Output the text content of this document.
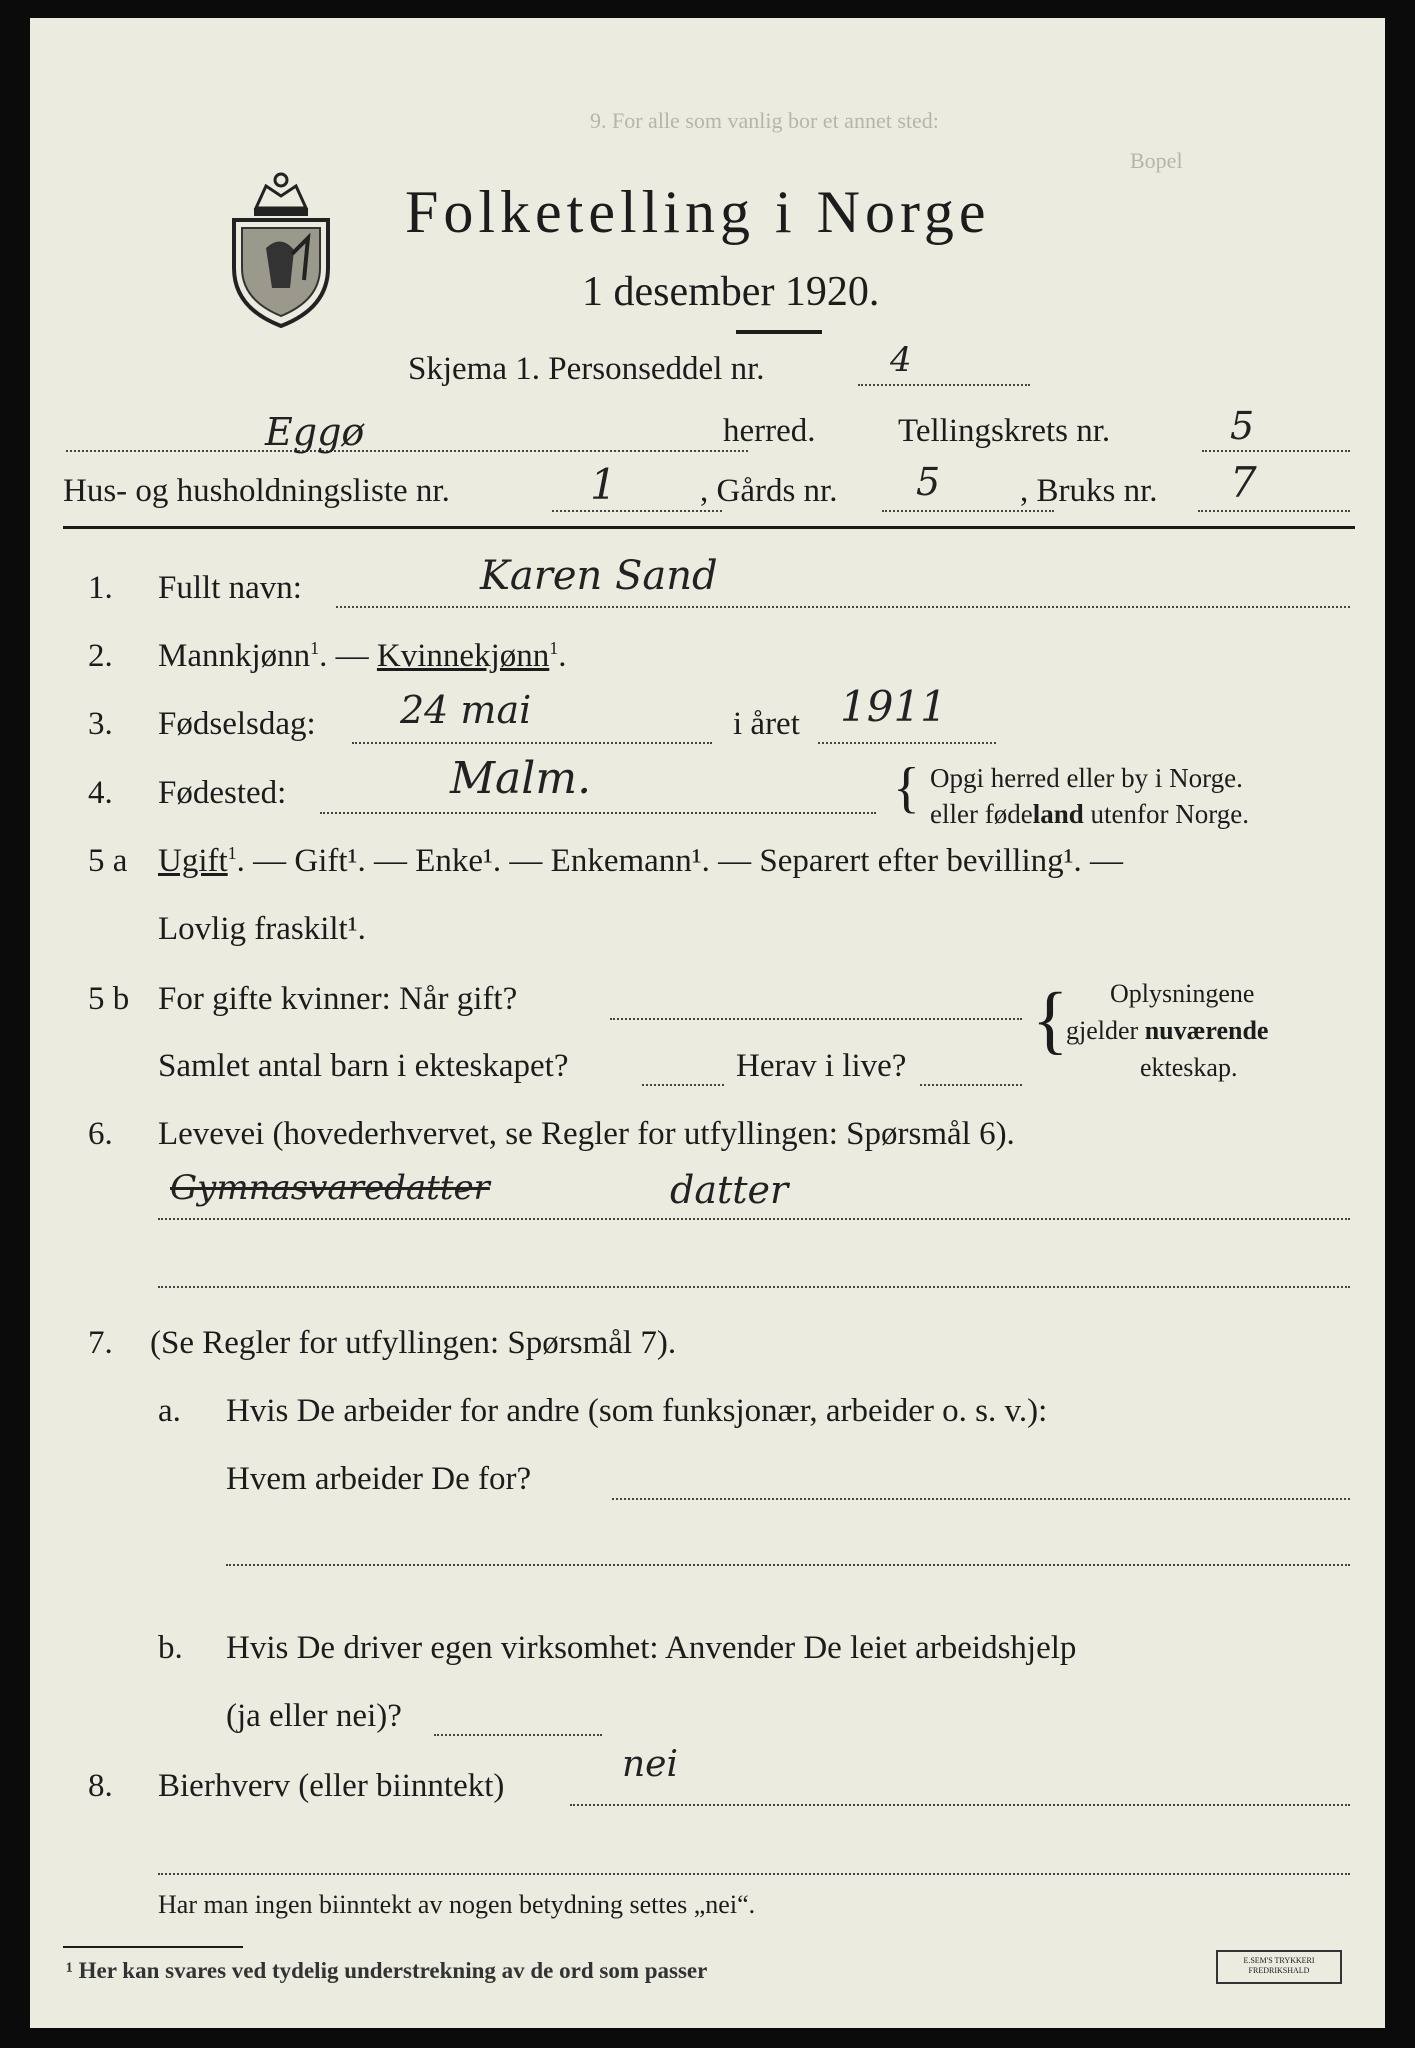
Folketelling i Norge
1 desember 1920.
9. For alle som vanlig bor et annet sted:
Bopel
Skjema 1. Personseddel nr.	4
Eggø	herred. Tellingskrets nr.	5
Hus- og husholdningsliste nr.	1	, Gårds nr. 5 , Bruks nr. 7
1. Fullt navn:	Karen Sand
2. Mannkjønn$^1$. — Kvinnekjønn$^1$.
3. Fødselsdag: 24 mai	i året 1911
4. Fødested:	Malm.	{ Opgi herred eller by i Norge.
eller fødeland utenfor Norge.
5 a Ugift$^1$. — Gift¹. — Enke¹. — Enkemann¹. — Separert efter bevilling¹. —
Lovlig fraskilt¹.
5 b For gifte kvinner: Når gift?
Samlet antal barn i ekteskapet?	Herav i live?
{ Oplysningene
gjelder nuværende
ekteskap.
6. Levevei (hovederhvervet, se Regler for utfyllingen: Spørsmål 6).
Gymnasvaredatter	datter
7. (Se Regler for utfyllingen: Spørsmål 7).
a. Hvis De arbeider for andre (som funksjonær, arbeider o. s. v.):
Hvem arbeider De for?
b. Hvis De driver egen virksomhet: Anvender De leiet arbeidshjelp
(ja eller nei)?
8. Bierhverv (eller biinntekt)
nei
Har man ingen biinntekt av nogen betydning settes „nei“.
¹ Her kan svares ved tydelig understrekning av de ord som passer	E.SEM'S TRYKKERI FREDRIKSHALD
